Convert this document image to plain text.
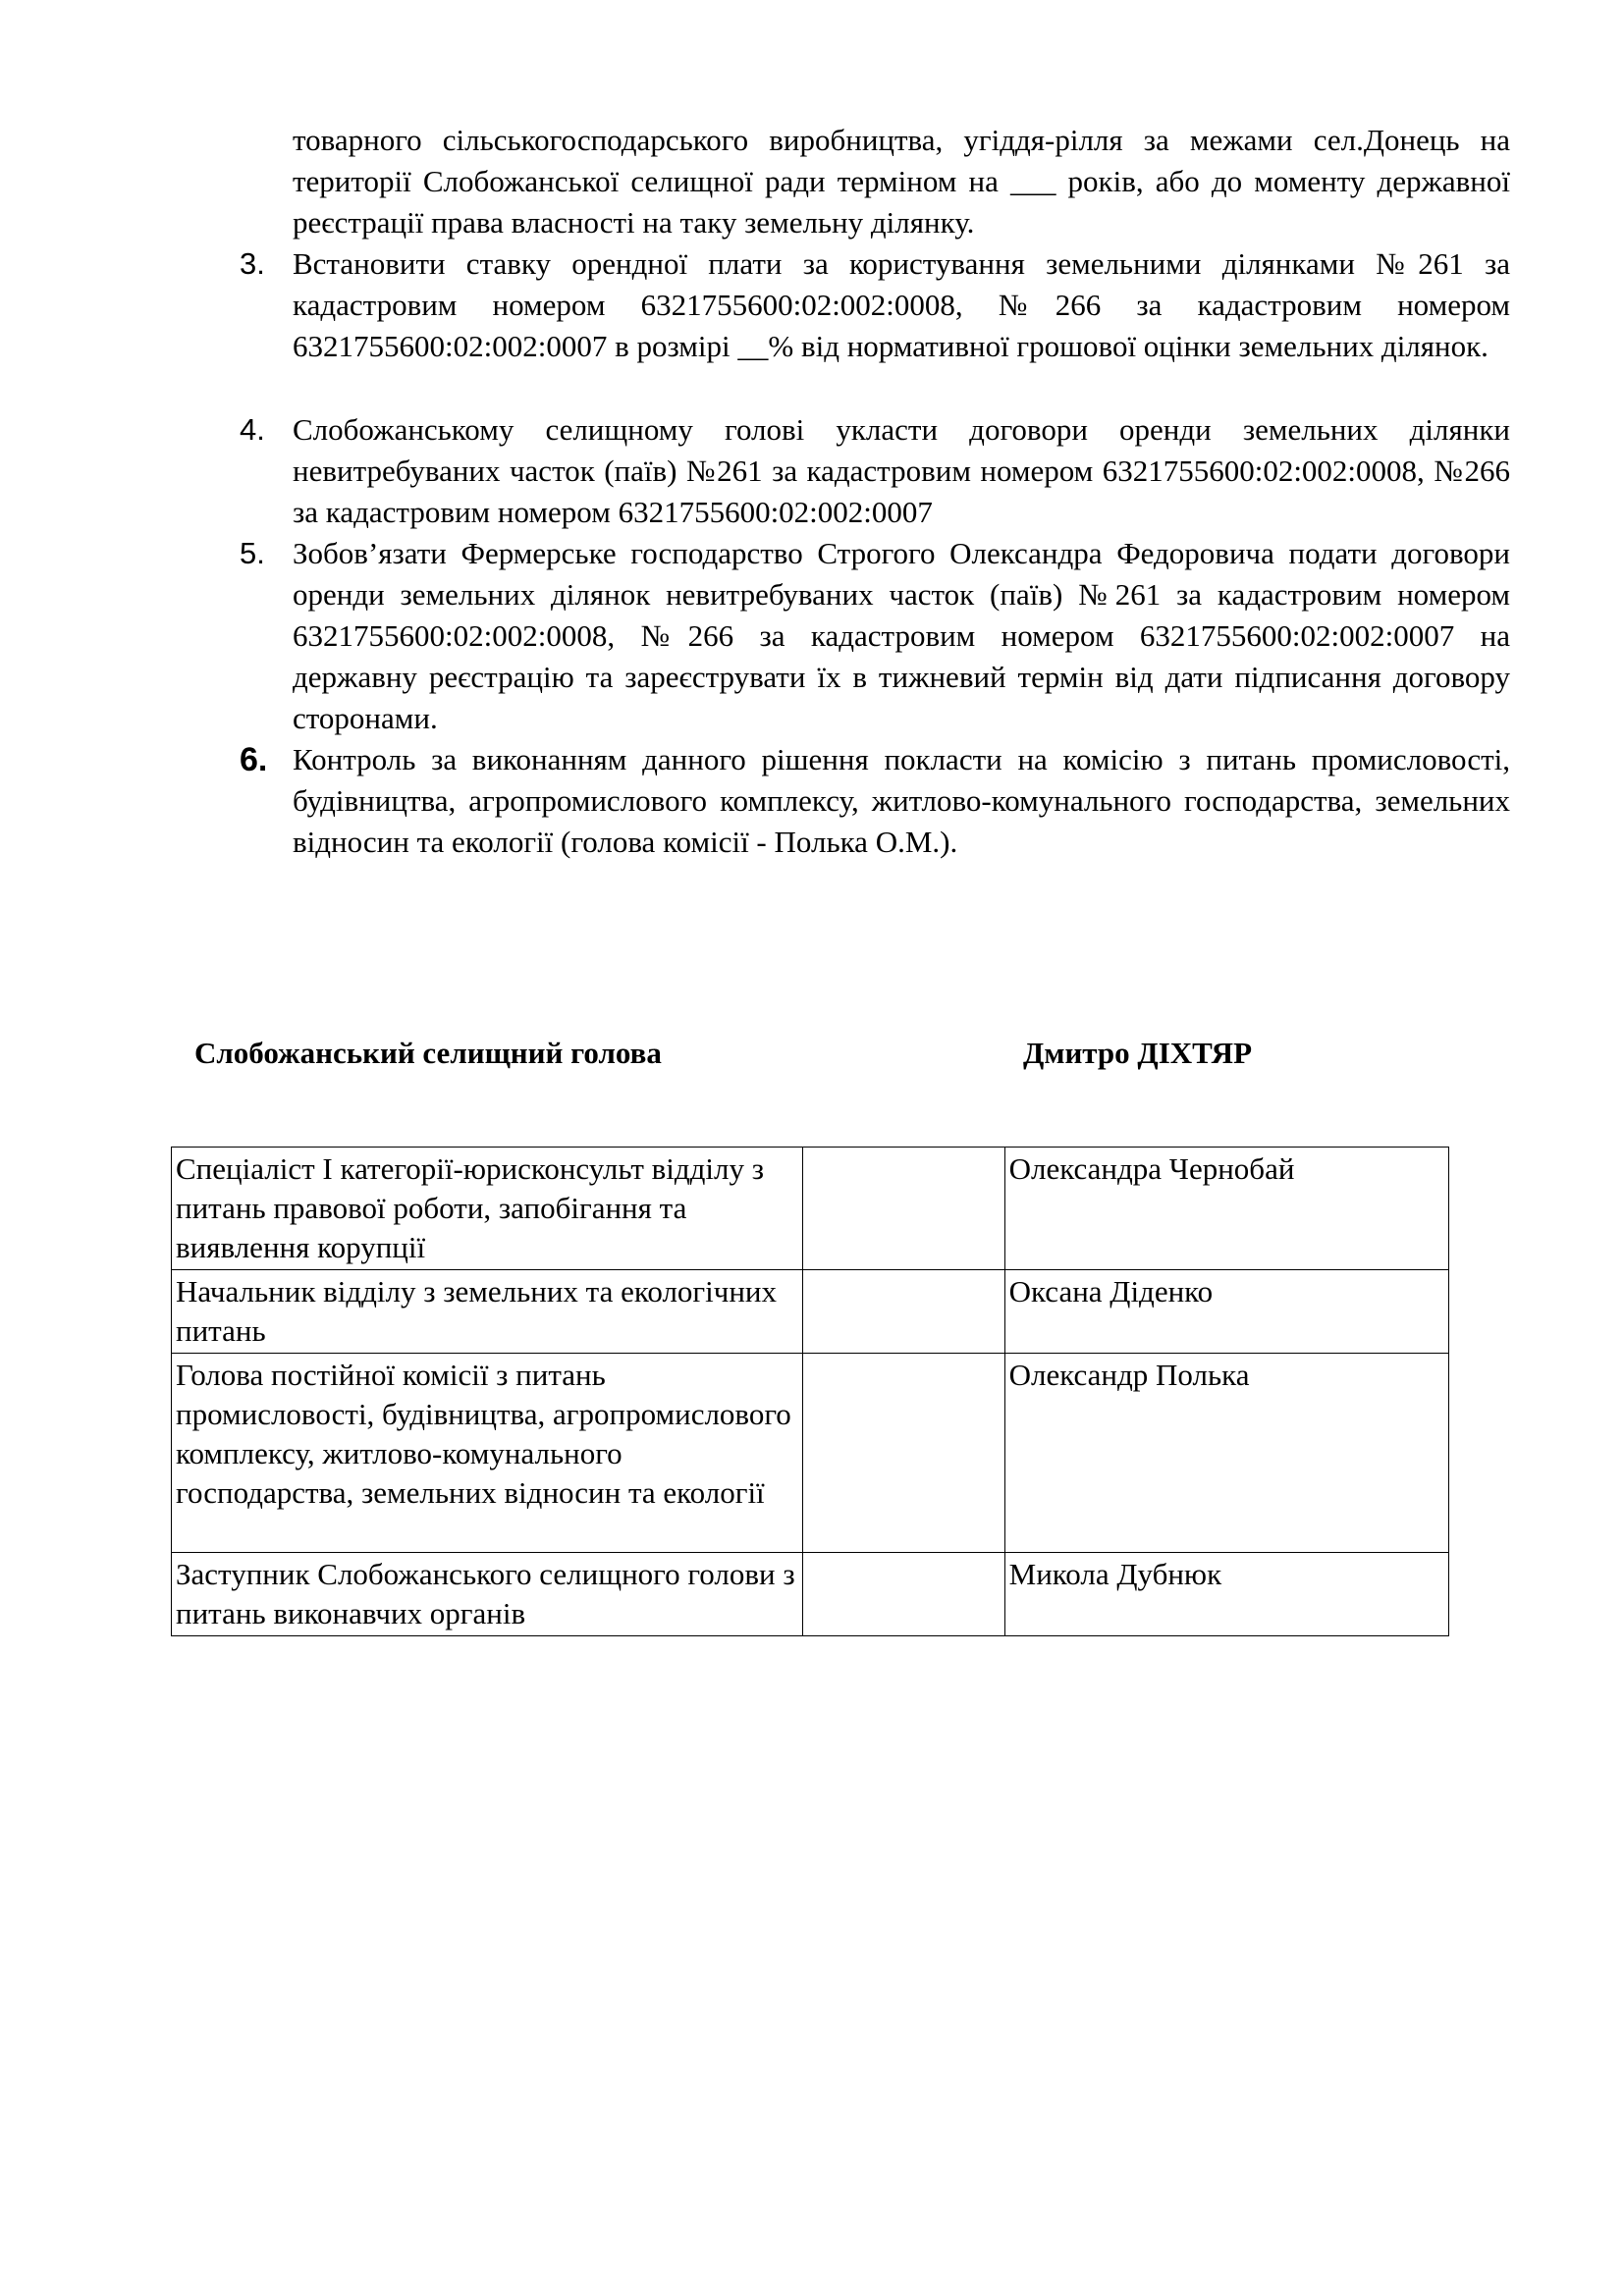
товарного сільськогосподарського виробництва, угіддя-рілля за межами сел.Донець на території Слобожанської селищної ради терміном на ___ років, або до моменту державної реєстрації права власності на таку земельну ділянку.

3. Встановити ставку орендної плати за користування земельними ділянками №261 за кадастровим номером 6321755600:02:002:0008, №266 за кадастровим номером 6321755600:02:002:0007 в розмірі __% від нормативної грошової оцінки земельних ділянок.
4. Слобожанському селищному голові укласти договори оренди земельних ділянки невитребуваних часток (паїв) №261 за кадастровим номером 6321755600:02:002:0008, №266 за кадастровим номером 6321755600:02:002:0007
5. Зобов’язати Фермерське господарство Строгого Олександра Федоровича подати договори оренди земельних ділянок невитребуваних часток (паїв) №261 за кадастровим номером 6321755600:02:002:0008, №266 за кадастровим номером 6321755600:02:002:0007 на державну реєстрацію та зареєструвати їх в тижневий термін від дати підписання договору сторонами.
6. Контроль за виконанням данного рішення покласти на комісію з питань промисловості, будівництва, агропромислового комплексу, житлово-комунального господарства, земельних відносин та екології (голова комісії - Полька О.М.).
Слобожанський селищний голова	Дмитро ДІХТЯР
Спеціаліст І категорії-юрисконсульт відділу з питань правової роботи, запобігання та виявлення корупції		Олександра Чернобай
Начальник відділу з земельних та екологічних питань		Оксана Діденко
Голова постійної комісії з питань промисловості, будівництва, агропромислового комплексу, житлово-комунального господарства, земельних відносин та екології		Олександр Полька
Заступник Слобожанського селищного голови з питань виконавчих органів		Микола Дубнюк
